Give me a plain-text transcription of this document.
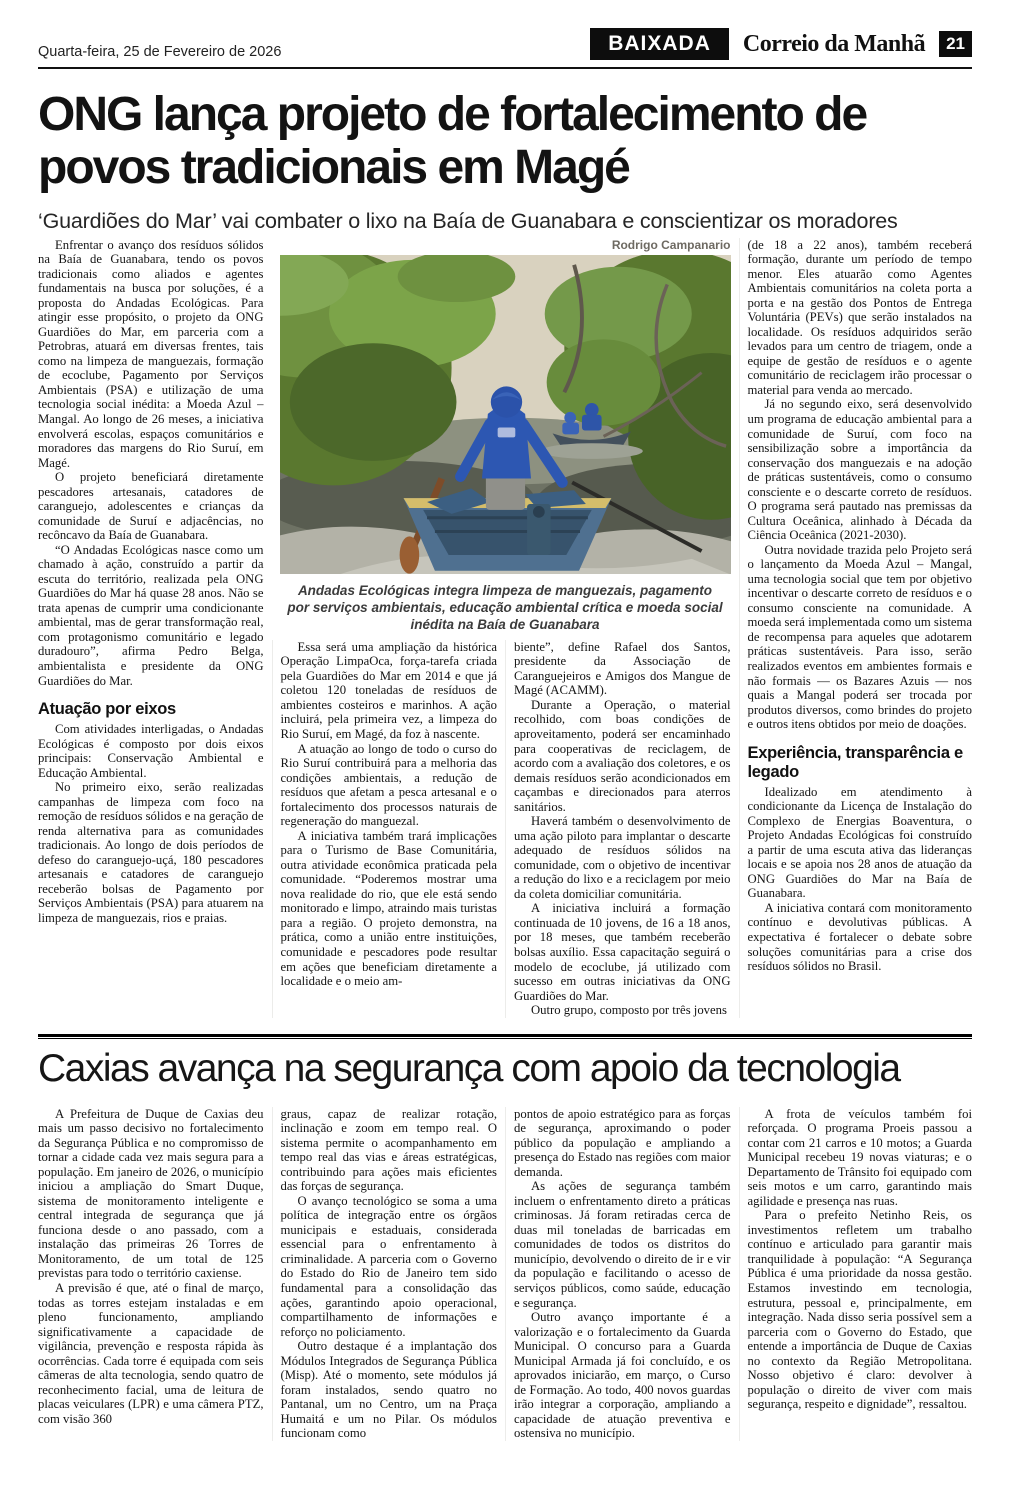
Quarta-feira, 25 de Fevereiro de 2026	BAIXADA	Correio da Manhã	21
ONG lança projeto de fortalecimento de povos tradicionais em Magé

‘Guardiões do Mar’ vai combater o lixo na Baía de Guanabara e conscientizar os moradores

Enfrentar o avanço dos resíduos sólidos na Baía de Guanabara, tendo os povos tradicionais como aliados e agentes fundamentais na busca por soluções, é a proposta do Andadas Ecológicas. Para atingir esse propósito, o projeto da ONG Guardiões do Mar, em parceria com a Petrobras, atuará em diversas frentes, tais como na limpeza de manguezais, formação de ecoclube, Pagamento por Serviços Ambientais (PSA) e utilização de uma tecnologia social inédita: a Moeda Azul – Mangal. Ao longo de 26 meses, a iniciativa envolverá escolas, espaços comunitários e moradores das margens do Rio Suruí, em Magé.

O projeto beneficiará diretamente pescadores artesanais, catadores de caranguejo, adolescentes e crianças da comunidade de Suruí e adjacências, no recôncavo da Baía de Guanabara.

“O Andadas Ecológicas nasce como um chamado à ação, construído a partir da escuta do território, realizada pela ONG Guardiões do Mar há quase 28 anos. Não se trata apenas de cumprir uma condicionante ambiental, mas de gerar transformação real, com protagonismo comunitário e legado duradouro”, afirma Pedro Belga, ambientalista e presidente da ONG Guardiões do Mar.

Atuação por eixos

Com atividades interligadas, o Andadas Ecológicas é composto por dois eixos principais: Conservação Ambiental e Educação Ambiental.

No primeiro eixo, serão realizadas campanhas de limpeza com foco na remoção de resíduos sólidos e na geração de renda alternativa para as comunidades tradicionais. Ao longo de dois períodos de defeso do caranguejo-uçá, 180 pescadores artesanais e catadores de caranguejo receberão bolsas de Pagamento por Serviços Ambientais (PSA) para atuarem na limpeza de manguezais, rios e praias.

Rodrigo Campanario

Andadas Ecológicas integra limpeza de manguezais, pagamento por serviços ambientais, educação ambiental crítica e moeda social inédita na Baía de Guanabara

Essa será uma ampliação da histórica Operação LimpaOca, força-tarefa criada pela Guardiões do Mar em 2014 e que já coletou 120 toneladas de resíduos de ambientes costeiros e marinhos. A ação incluirá, pela primeira vez, a limpeza do Rio Suruí, em Magé, da foz à nascente.

A atuação ao longo de todo o curso do Rio Suruí contribuirá para a melhoria das condições ambientais, a redução de resíduos que afetam a pesca artesanal e o fortalecimento dos processos naturais de regeneração do manguezal.

A iniciativa também trará implicações para o Turismo de Base Comunitária, outra atividade econômica praticada pela comunidade. “Poderemos mostrar uma nova realidade do rio, que ele está sendo monitorado e limpo, atraindo mais turistas para a região. O projeto demonstra, na prática, como a união entre instituições, comunidade e pescadores pode resultar em ações que beneficiam diretamente a localidade e o meio am-

biente”, define Rafael dos Santos, presidente da Associação de Caranguejeiros e Amigos dos Mangue de Magé (ACAMM).

Durante a Operação, o material recolhido, com boas condições de aproveitamento, poderá ser encaminhado para cooperativas de reciclagem, de acordo com a avaliação dos coletores, e os demais resíduos serão acondicionados em caçambas e direcionados para aterros sanitários.

Haverá também o desenvolvimento de uma ação piloto para implantar o descarte adequado de resíduos sólidos na comunidade, com o objetivo de incentivar a redução do lixo e a reciclagem por meio da coleta domiciliar comunitária.

A iniciativa incluirá a formação continuada de 10 jovens, de 16 a 18 anos, por 18 meses, que também receberão bolsas auxílio. Essa capacitação seguirá o modelo de ecoclube, já utilizado com sucesso em outras iniciativas da ONG Guardiões do Mar.

Outro grupo, composto por três jovens

(de 18 a 22 anos), também receberá formação, durante um período de tempo menor. Eles atuarão como Agentes Ambientais comunitários na coleta porta a porta e na gestão dos Pontos de Entrega Voluntária (PEVs) que serão instalados na localidade. Os resíduos adquiridos serão levados para um centro de triagem, onde a equipe de gestão de resíduos e o agente comunitário de reciclagem irão processar o material para venda ao mercado.

Já no segundo eixo, será desenvolvido um programa de educação ambiental para a comunidade de Suruí, com foco na sensibilização sobre a importância da conservação dos manguezais e na adoção de práticas sustentáveis, como o consumo consciente e o descarte correto de resíduos. O programa será pautado nas premissas da Cultura Oceânica, alinhado à Década da Ciência Oceânica (2021-2030).

Outra novidade trazida pelo Projeto será o lançamento da Moeda Azul – Mangal, uma tecnologia social que tem por objetivo incentivar o descarte correto de resíduos e o consumo consciente na comunidade. A moeda será implementada como um sistema de recompensa para aqueles que adotarem práticas sustentáveis. Para isso, serão realizados eventos em ambientes formais e não formais — os Bazares Azuis — nos quais a Mangal poderá ser trocada por produtos diversos, como brindes do projeto e outros itens obtidos por meio de doações.

Experiência, transparência e legado

Idealizado em atendimento à condicionante da Licença de Instalação do Complexo de Energias Boaventura, o Projeto Andadas Ecológicas foi construído a partir de uma escuta ativa das lideranças locais e se apoia nos 28 anos de atuação da ONG Guardiões do Mar na Baía de Guanabara.

A iniciativa contará com monitoramento contínuo e devolutivas públicas. A expectativa é fortalecer o debate sobre soluções comunitárias para a crise dos resíduos sólidos no Brasil.

Caxias avança na segurança com apoio da tecnologia

A Prefeitura de Duque de Caxias deu mais um passo decisivo no fortalecimento da Segurança Pública e no compromisso de tornar a cidade cada vez mais segura para a população. Em janeiro de 2026, o município iniciou a ampliação do Smart Duque, sistema de monitoramento inteligente e central integrada de segurança que já funciona desde o ano passado, com a instalação das primeiras 26 Torres de Monitoramento, de um total de 125 previstas para todo o território caxiense.

A previsão é que, até o final de março, todas as torres estejam instaladas e em pleno funcionamento, ampliando significativamente a capacidade de vigilância, prevenção e resposta rápida às ocorrências. Cada torre é equipada com seis câmeras de alta tecnologia, sendo quatro de reconhecimento facial, uma de leitura de placas veiculares (LPR) e uma câmera PTZ, com visão 360

graus, capaz de realizar rotação, inclinação e zoom em tempo real. O sistema permite o acompanhamento em tempo real das vias e áreas estratégicas, contribuindo para ações mais eficientes das forças de segurança.

O avanço tecnológico se soma a uma política de integração entre os órgãos municipais e estaduais, considerada essencial para o enfrentamento à criminalidade. A parceria com o Governo do Estado do Rio de Janeiro tem sido fundamental para a consolidação das ações, garantindo apoio operacional, compartilhamento de informações e reforço no policiamento.

Outro destaque é a implantação dos Módulos Integrados de Segurança Pública (Misp). Até o momento, sete módulos já foram instalados, sendo quatro no Pantanal, um no Centro, um na Praça Humaitá e um no Pilar. Os módulos funcionam como

pontos de apoio estratégico para as forças de segurança, aproximando o poder público da população e ampliando a presença do Estado nas regiões com maior demanda.

As ações de segurança também incluem o enfrentamento direto a práticas criminosas. Já foram retiradas cerca de duas mil toneladas de barricadas em comunidades de todos os distritos do município, devolvendo o direito de ir e vir da população e facilitando o acesso de serviços públicos, como saúde, educação e segurança.

Outro avanço importante é a valorização e o fortalecimento da Guarda Municipal. O concurso para a Guarda Municipal Armada já foi concluído, e os aprovados iniciarão, em março, o Curso de Formação. Ao todo, 400 novos guardas irão integrar a corporação, ampliando a capacidade de atuação preventiva e ostensiva no município.

A frota de veículos também foi reforçada. O programa Proeis passou a contar com 21 carros e 10 motos; a Guarda Municipal recebeu 19 novas viaturas; e o Departamento de Trânsito foi equipado com seis motos e um carro, garantindo mais agilidade e presença nas ruas.

Para o prefeito Netinho Reis, os investimentos refletem um trabalho contínuo e articulado para garantir mais tranquilidade à população: “A Segurança Pública é uma prioridade da nossa gestão. Estamos investindo em tecnologia, estrutura, pessoal e, principalmente, em integração. Nada disso seria possível sem a parceria com o Governo do Estado, que entende a importância de Duque de Caxias no contexto da Região Metropolitana. Nosso objetivo é claro: devolver à população o direito de viver com mais segurança, respeito e dignidade”, ressaltou.
